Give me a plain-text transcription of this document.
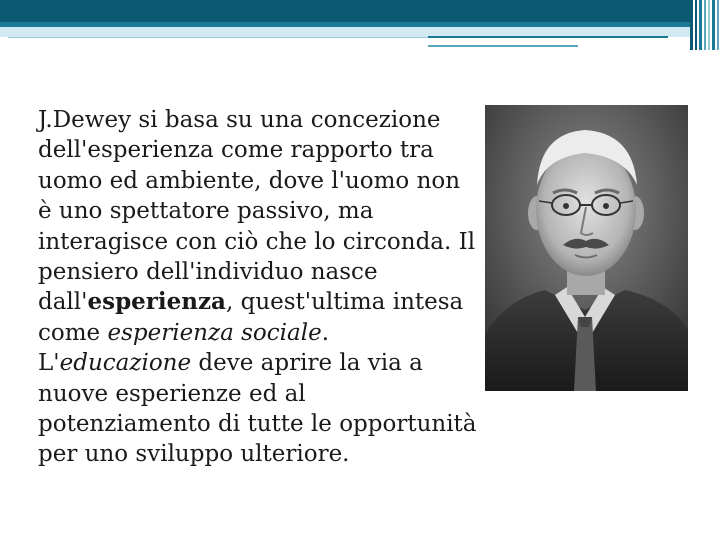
J.Dewey si basa su una concezione dell'esperienza come rapporto tra uomo ed ambiente, dove l'uomo non è uno spettatore passivo, ma interagisce con ciò che lo circonda. Il pensiero dell'individuo nasce dall'esperienza, quest'ultima intesa come esperienza sociale. L'educazione deve aprire la via a nuove esperienze ed al potenziamento di tutte le opportunità per uno sviluppo ulteriore.
